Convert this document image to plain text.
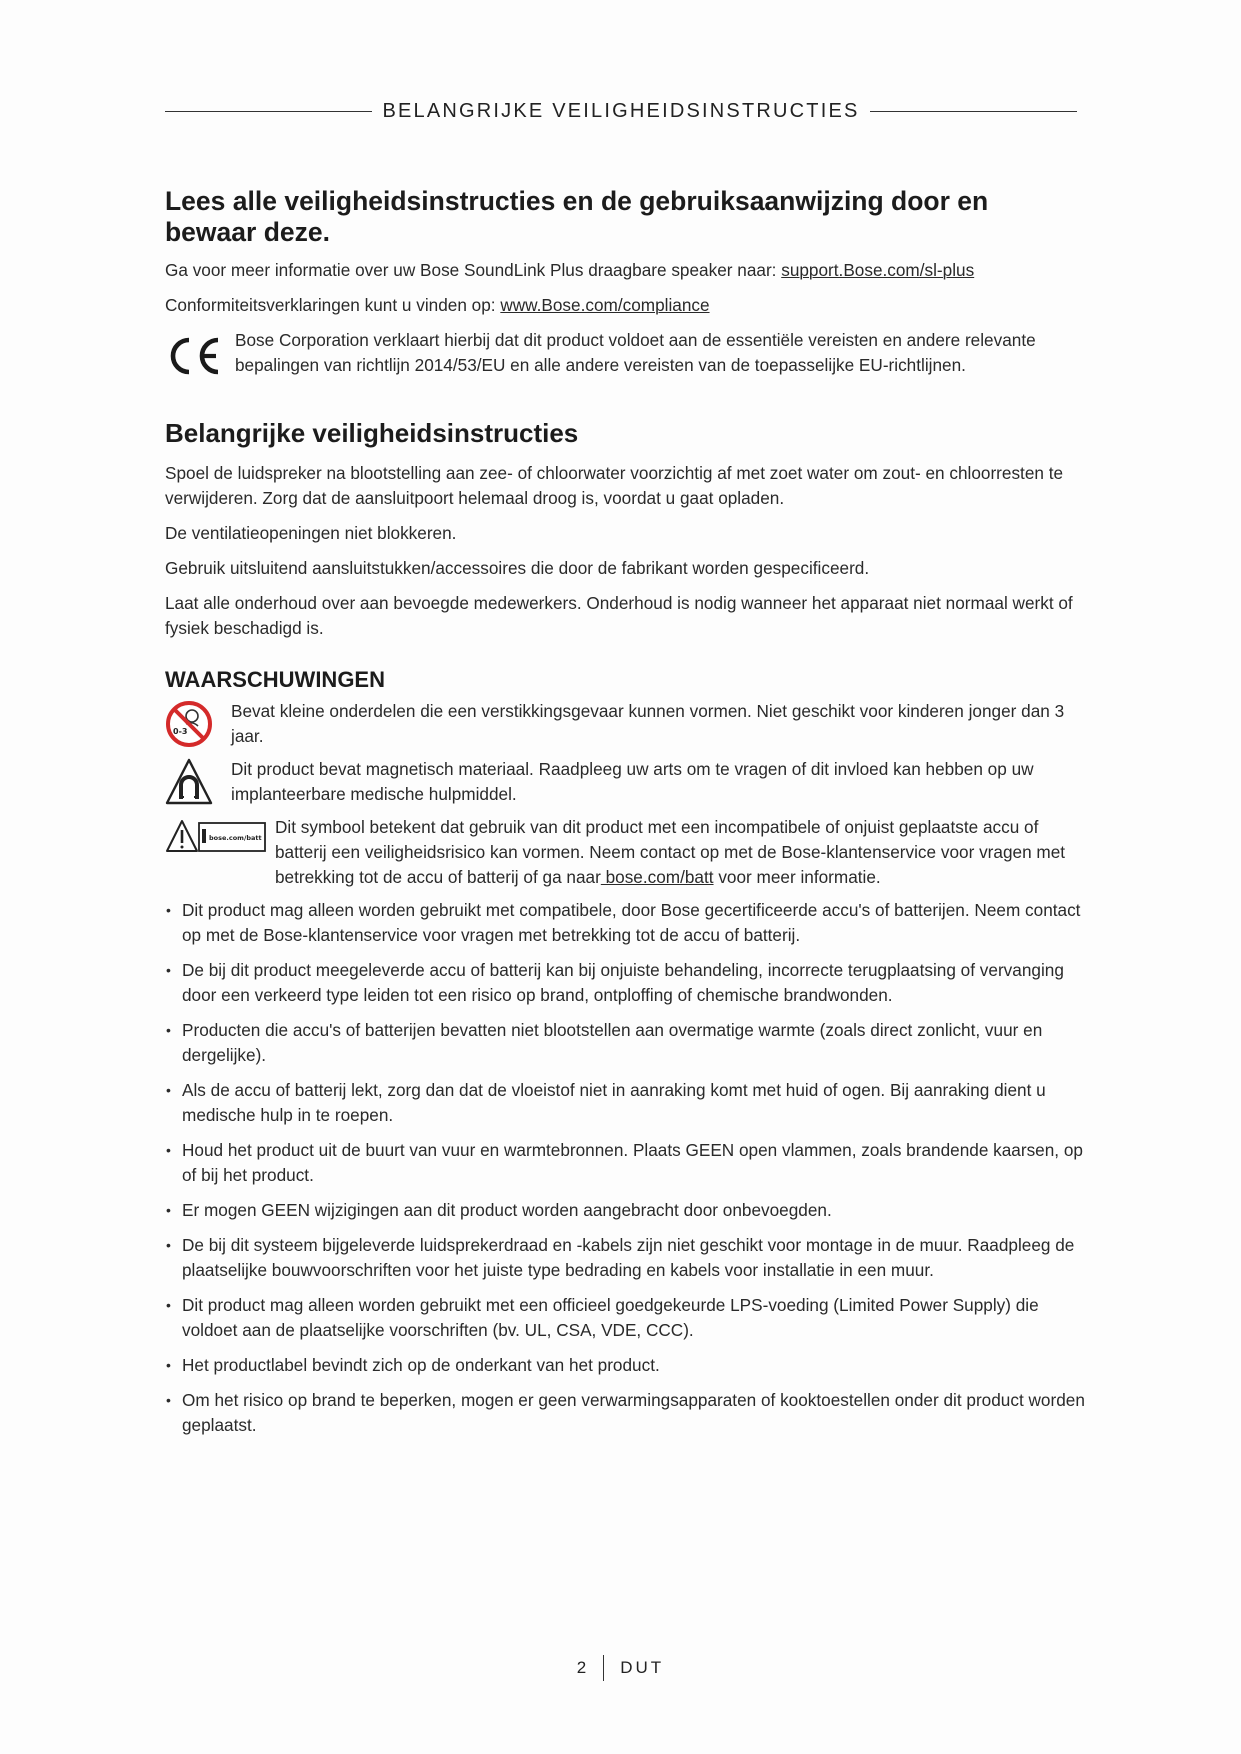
BELANGRIJKE VEILIGHEIDSINSTRUCTIES
Lees alle veiligheidsinstructies en de gebruiksaanwijzing door en bewaar deze.

Ga voor meer informatie over uw Bose SoundLink Plus draagbare speaker naar: support.Bose.com/sl-plus

Conformiteitsverklaringen kunt u vinden op: www.Bose.com/compliance

Bose Corporation verklaart hierbij dat dit product voldoet aan de essentiële vereisten en andere relevante bepalingen van richtlijn 2014/53/EU en alle andere vereisten van de toepasselijke EU-richtlijnen.

Belangrijke veiligheidsinstructies

Spoel de luidspreker na blootstelling aan zee- of chloorwater voorzichtig af met zoet water om zout- en chloorresten te verwijderen. Zorg dat de aansluitpoort helemaal droog is, voordat u gaat opladen.

De ventilatieopeningen niet blokkeren.

Gebruik uitsluitend aansluitstukken/accessoires die door de fabrikant worden gespecificeerd.

Laat alle onderhoud over aan bevoegde medewerkers. Onderhoud is nodig wanneer het apparaat niet normaal werkt of fysiek beschadigd is.

WAARSCHUWINGEN
0-3

Bevat kleine onderdelen die een verstikkingsgevaar kunnen vormen. Niet geschikt voor kinderen jonger dan 3 jaar.

Dit product bevat magnetisch materiaal. Raadpleeg uw arts om te vragen of dit invloed kan hebben op uw implanteerbare medische hulpmiddel.

bose.com/batt

Dit symbool betekent dat gebruik van dit product met een incompatibele of onjuist geplaatste accu of batterij een veiligheidsrisico kan vormen. Neem contact op met de Bose-klantenservice voor vragen met betrekking tot de accu of batterij of ga naar bose.com/batt voor meer informatie.

• Dit product mag alleen worden gebruikt met compatibele, door Bose gecertificeerde accu's of batterijen. Neem contact op met de Bose-klantenservice voor vragen met betrekking tot de accu of batterij.
• De bij dit product meegeleverde accu of batterij kan bij onjuiste behandeling, incorrecte terugplaatsing of vervanging door een verkeerd type leiden tot een risico op brand, ontploffing of chemische brandwonden.
• Producten die accu's of batterijen bevatten niet blootstellen aan overmatige warmte (zoals direct zonlicht, vuur en dergelijke).
• Als de accu of batterij lekt, zorg dan dat de vloeistof niet in aanraking komt met huid of ogen. Bij aanraking dient u medische hulp in te roepen.
• Houd het product uit de buurt van vuur en warmtebronnen. Plaats GEEN open vlammen, zoals brandende kaarsen, op of bij het product.
• Er mogen GEEN wijzigingen aan dit product worden aangebracht door onbevoegden.
• De bij dit systeem bijgeleverde luidsprekerdraad en -kabels zijn niet geschikt voor montage in de muur. Raadpleeg de plaatselijke bouwvoorschriften voor het juiste type bedrading en kabels voor installatie in een muur.
• Dit product mag alleen worden gebruikt met een officieel goedgekeurde LPS-voeding (Limited Power Supply) die voldoet aan de plaatselijke voorschriften (bv. UL, CSA, VDE, CCC).
• Het productlabel bevindt zich op de onderkant van het product.
• Om het risico op brand te beperken, mogen er geen verwarmingsapparaten of kooktoestellen onder dit product worden geplaatst.
2 DUT
